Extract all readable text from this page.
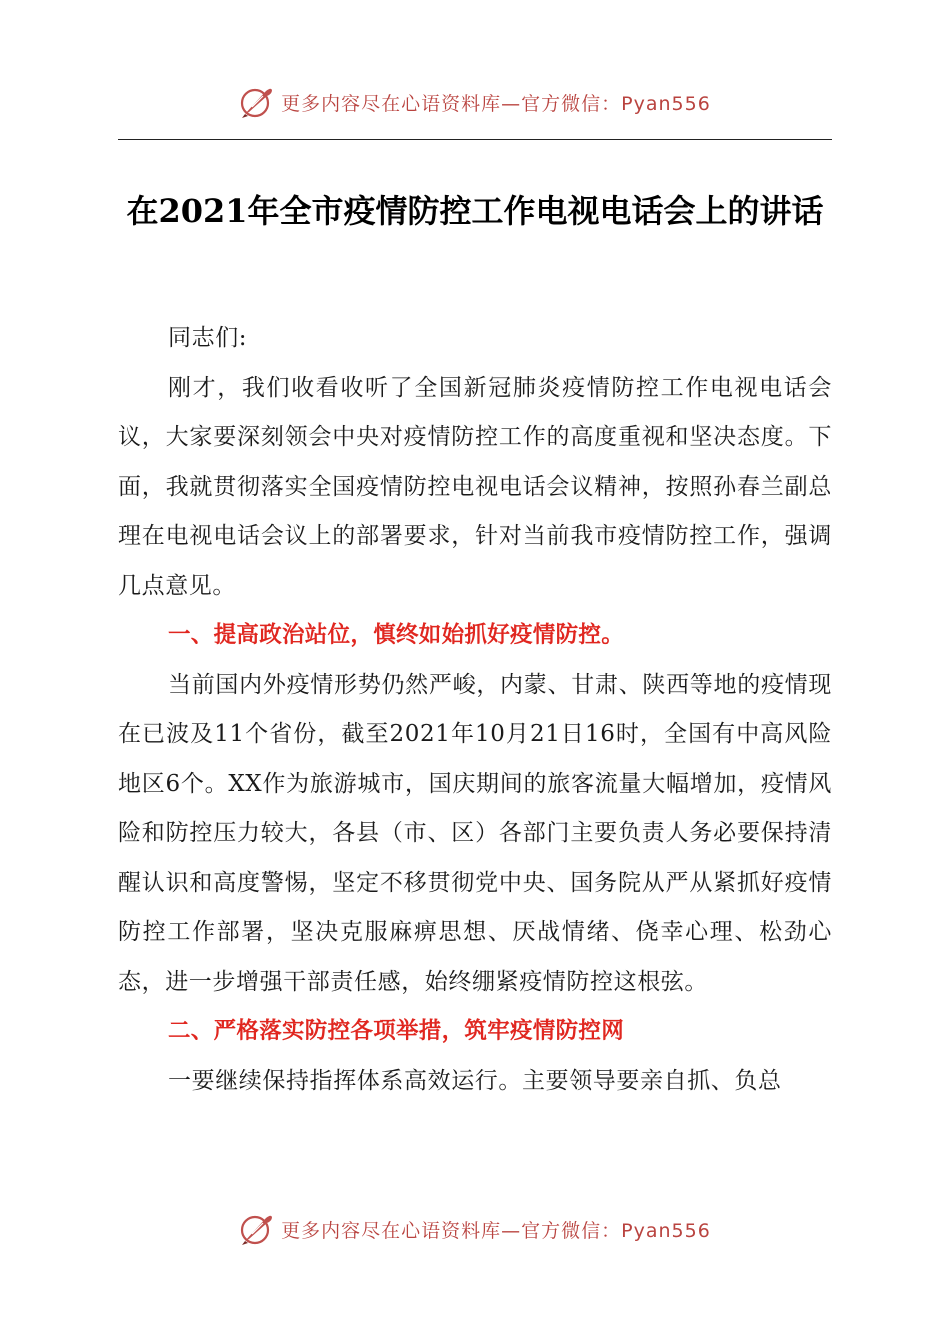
更多内容尽在心语资料库—官方微信：Pyan556
在2021年全市疫情防控工作电视电话会上的讲话

同志们:

刚才，我们收看收听了全国新冠肺炎疫情防控工作电视电话会议，大家要深刻领会中央对疫情防控工作的高度重视和坚决态度。下面，我就贯彻落实全国疫情防控电视电话会议精神，按照孙春兰副总理在电视电话会议上的部署要求，针对当前我市疫情防控工作，强调几点意见。

一、提高政治站位，慎终如始抓好疫情防控。

当前国内外疫情形势仍然严峻，内蒙、甘肃、陕西等地的疫情现在已波及11个省份，截至2021年10月21日16时，全国有中高风险地区6个。XX作为旅游城市，国庆期间的旅客流量大幅增加，疫情风险和防控压力较大，各县（市、区）各部门主要负责人务必要保持清醒认识和高度警惕，坚定不移贯彻党中央、国务院从严从紧抓好疫情防控工作部署，坚决克服麻痹思想、厌战情绪、侥幸心理、松劲心态，进一步增强干部责任感，始终绷紧疫情防控这根弦。

二、严格落实防控各项举措，筑牢疫情防控网

一要继续保持指挥体系高效运行。主要领导要亲自抓、负总

更多内容尽在心语资料库—官方微信：Pyan556
